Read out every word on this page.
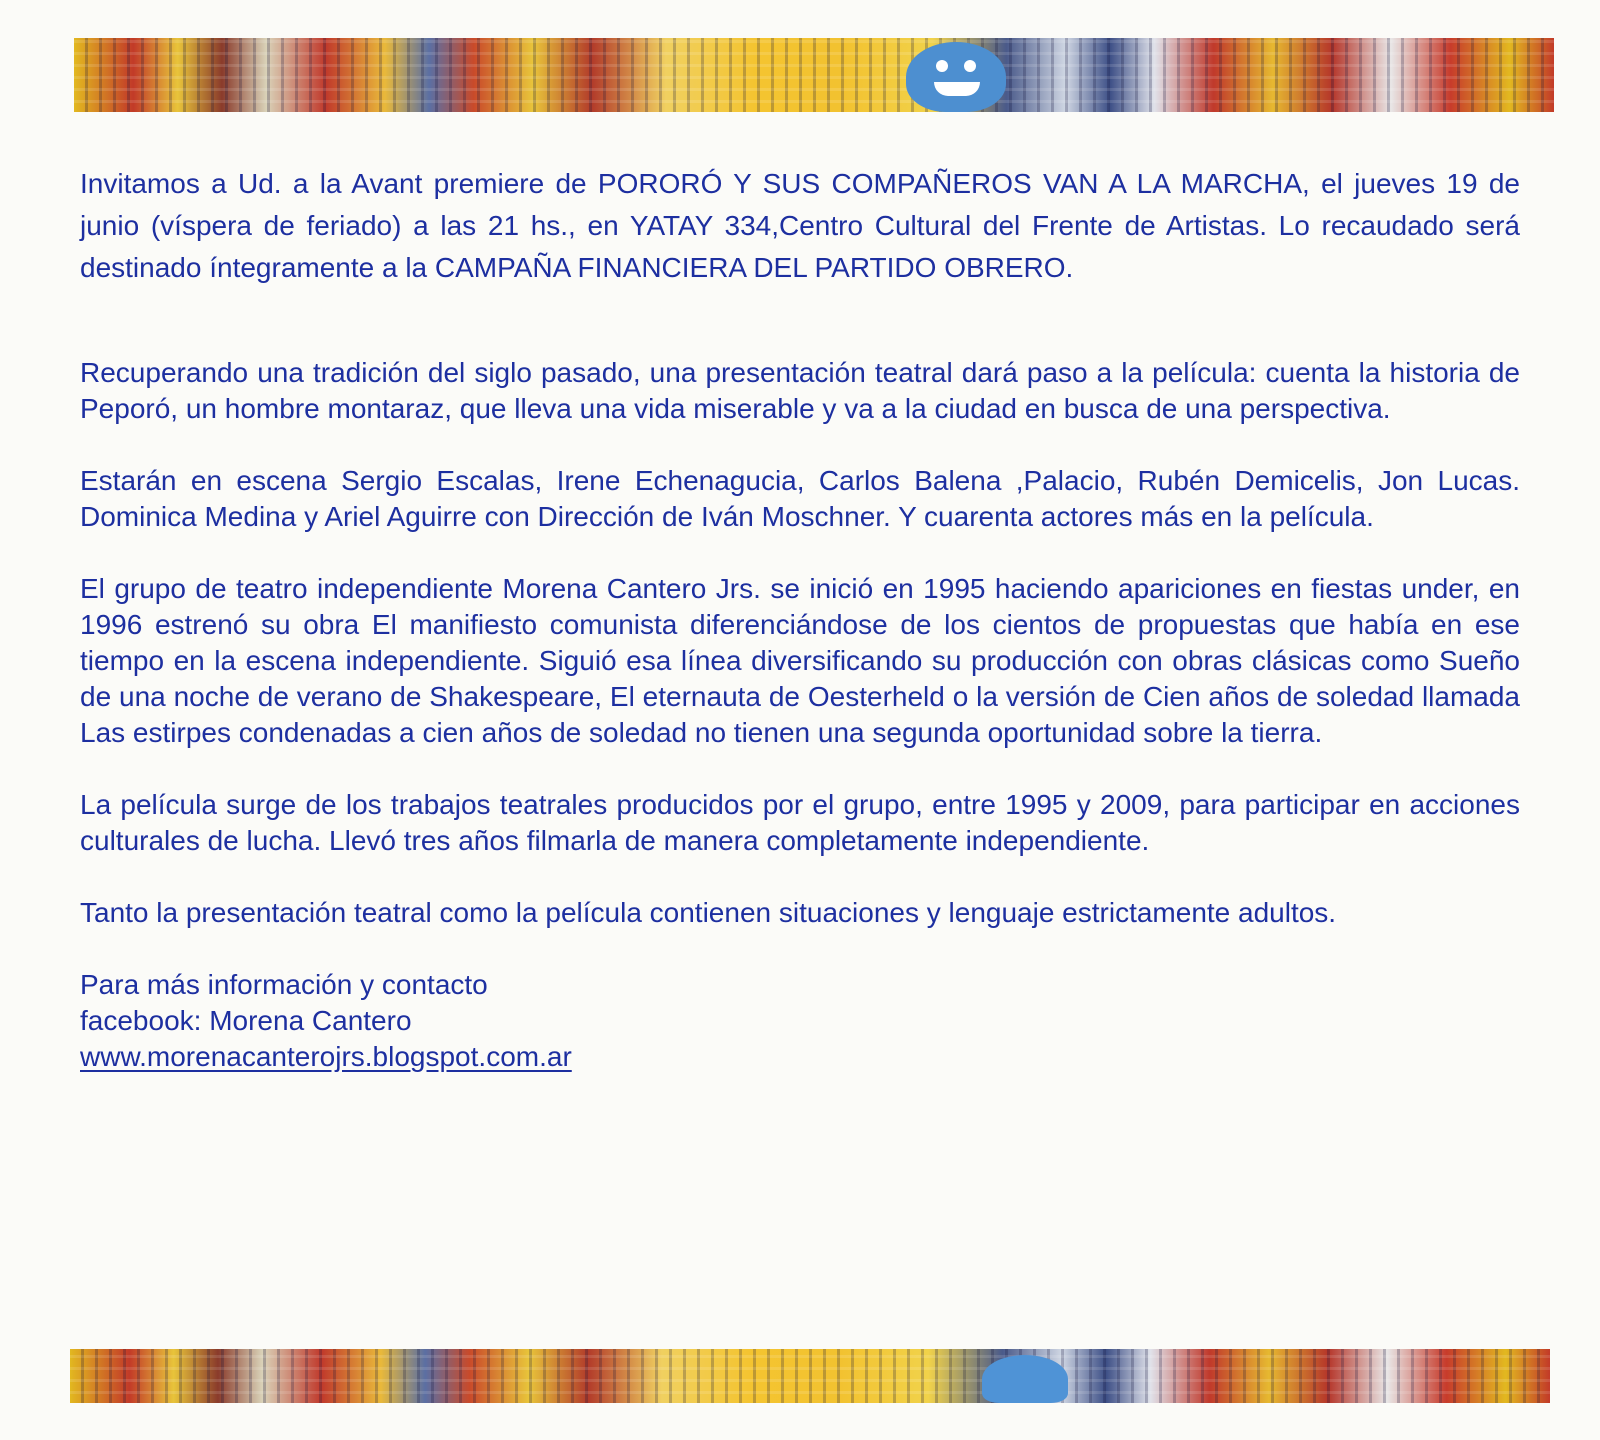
Invitamos a Ud. a la Avant premiere de PORORÓ Y SUS COMPAÑEROS VAN A LA MARCHA, el jueves 19 de junio (víspera de feriado) a las 21 hs., en YATAY 334,Centro Cultural del Frente de Artistas. Lo recaudado será destinado íntegramente a la CAMPAÑA FINANCIERA DEL PARTIDO OBRERO.

Recuperando una tradición del siglo pasado, una presentación teatral dará paso a la película: cuenta la historia de Peporó, un hombre montaraz, que lleva una vida miserable y va a la ciudad en busca de una perspectiva.

Estarán en escena Sergio Escalas, Irene Echenagucia, Carlos Balena ,Palacio, Rubén Demicelis, Jon Lucas. Dominica Medina y Ariel Aguirre con Dirección de Iván Moschner. Y cuarenta actores más en la película.

El grupo de teatro independiente Morena Cantero Jrs. se inició en 1995 haciendo apariciones en fiestas under, en 1996 estrenó su obra El manifiesto comunista diferenciándose de los cientos de propuestas que había en ese tiempo en la escena independiente. Siguió esa línea diversificando su producción con obras clásicas como Sueño de una noche de verano de Shakespeare, El eternauta de Oesterheld o la versión de Cien años de soledad llamada Las estirpes condenadas a cien años de soledad no tienen una segunda oportunidad sobre la tierra.

La película surge de los trabajos teatrales producidos por el grupo, entre 1995 y 2009, para participar en acciones culturales de lucha. Llevó tres años filmarla de manera completamente independiente.

Tanto la presentación teatral como la película contienen situaciones y lenguaje estrictamente adultos.

Para más información y contacto
facebook: Morena Cantero
www.morenacanterojrs.blogspot.com.ar
